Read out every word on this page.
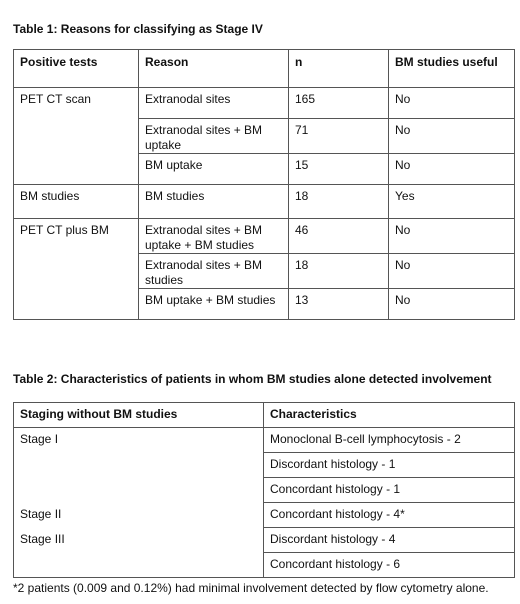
Table 1: Reasons for classifying as Stage IV
Positive tests	Reason	n	BM studies useful
PET CT scan	Extranodal sites	165	No
	Extranodal sites + BM uptake	71	No
	BM uptake	15	No
BM studies	BM studies	18	Yes
PET CT plus BM	Extranodal sites + BM uptake + BM studies	46	No
	Extranodal sites + BM studies	18	No
	BM uptake + BM studies	13	No
Table 2: Characteristics of patients in whom BM studies alone detected involvement
Staging without BM studies	Characteristics
Stage I	Monoclonal B-cell lymphocytosis - 2
	Discordant histology - 1
	Concordant histology - 1
Stage II	Concordant histology - 4*
Stage III	Discordant histology - 4
	Concordant histology - 6
*2 patients (0.009 and 0.12%) had minimal involvement detected by flow cytometry alone.
